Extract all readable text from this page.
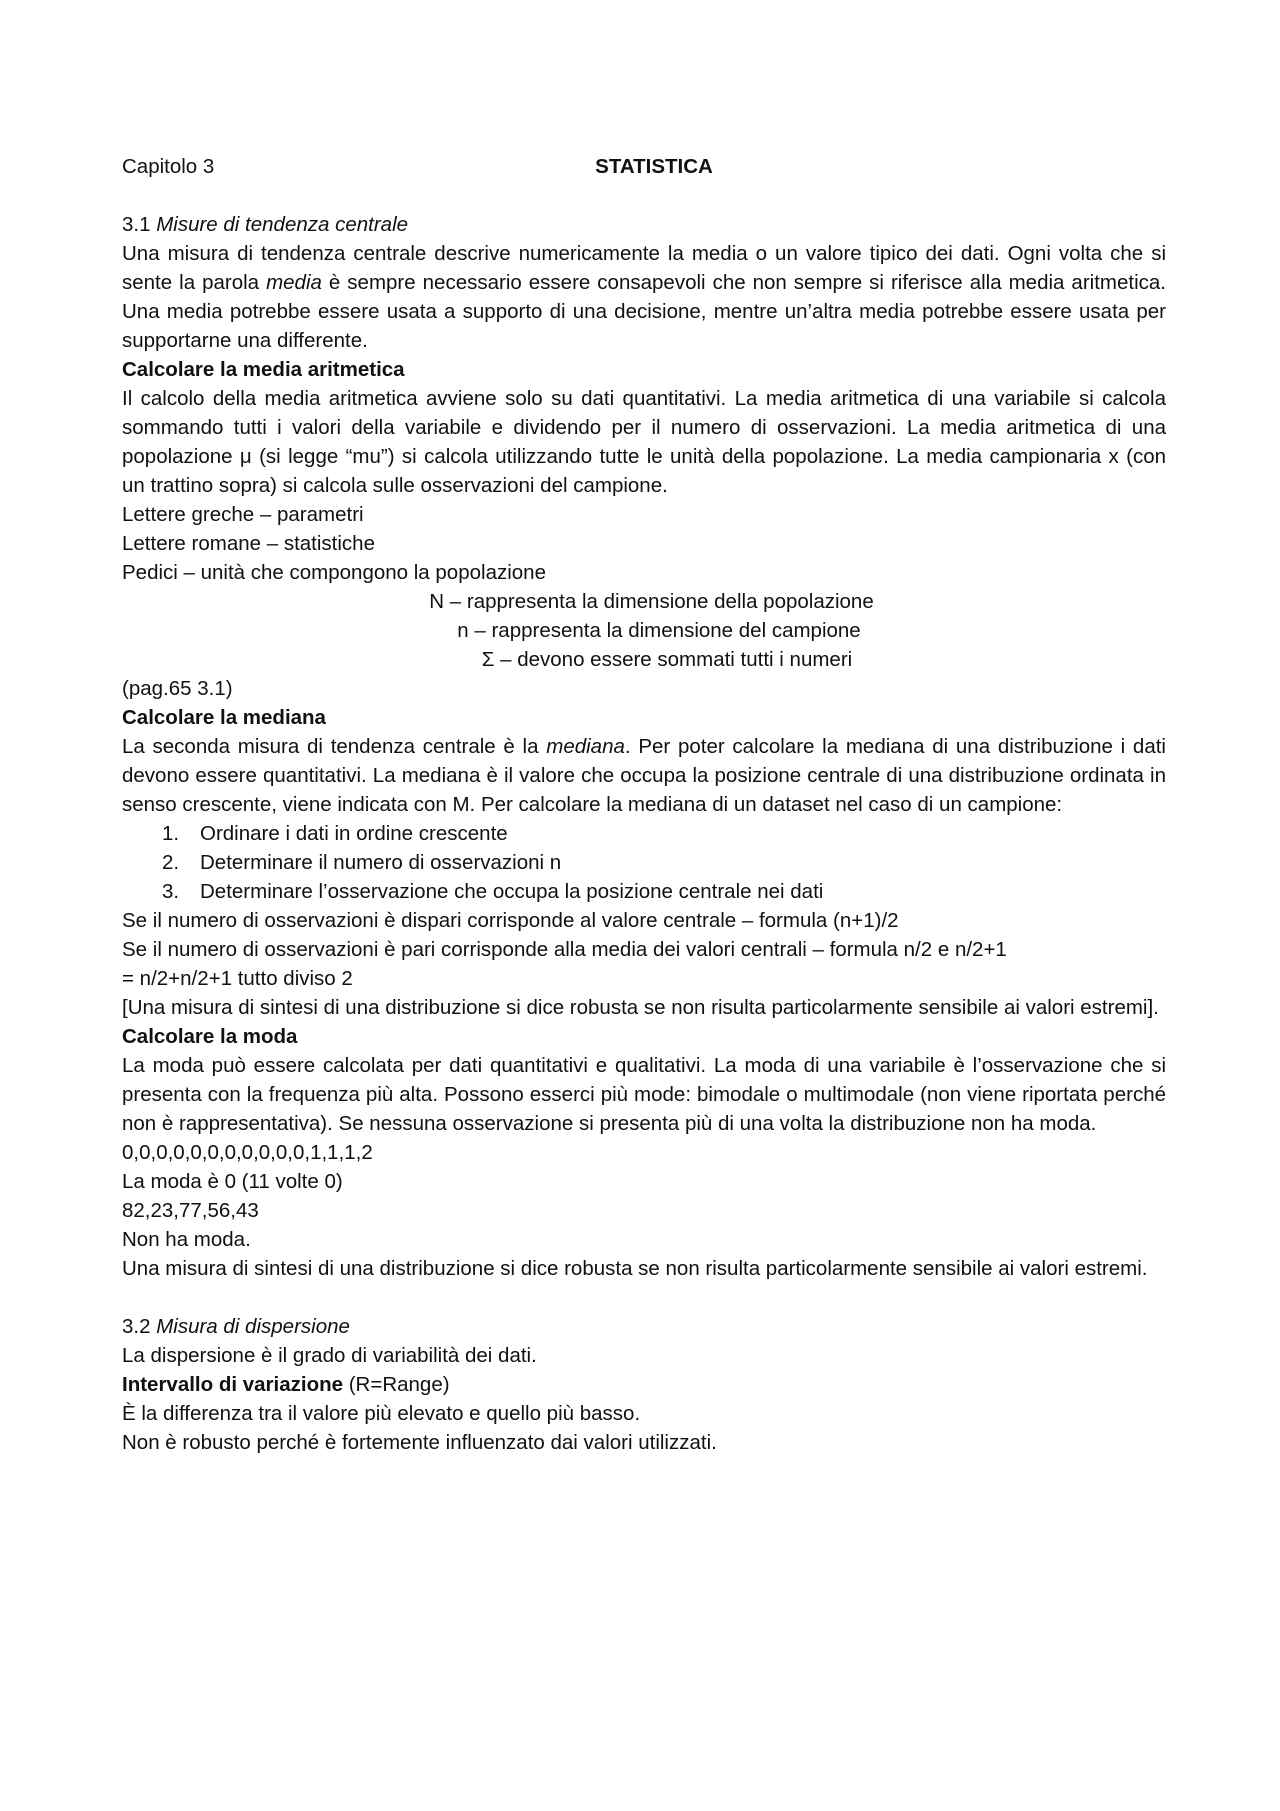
STATISTICA

Capitolo 3

3.1 Misure di tendenza centrale

Una misura di tendenza centrale descrive numericamente la media o un valore tipico dei dati. Ogni volta che si sente la parola media è sempre necessario essere consapevoli che non sempre si riferisce alla media aritmetica. Una media potrebbe essere usata a supporto di una decisione, mentre un’altra media potrebbe essere usata per supportarne una differente.

Calcolare la media aritmetica

Il calcolo della media aritmetica avviene solo su dati quantitativi. La media aritmetica di una variabile si calcola sommando tutti i valori della variabile e dividendo per il numero di osservazioni. La media aritmetica di una popolazione μ (si legge “mu”) si calcola utilizzando tutte le unità della popolazione. La media campionaria x (con un trattino sopra) si calcola sulle osservazioni del campione.

Lettere greche – parametri

Lettere romane – statistiche

Pedici – unità che compongono la popolazione

N – rappresenta la dimensione della popolazione

n – rappresenta la dimensione del campione

Σ – devono essere sommati tutti i numeri

(pag.65 3.1)

Calcolare la mediana

La seconda misura di tendenza centrale è la mediana. Per poter calcolare la mediana di una distribuzione i dati devono essere quantitativi. La mediana è il valore che occupa la posizione centrale di una distribuzione ordinata in senso crescente, viene indicata con M. Per calcolare la mediana di un dataset nel caso di un campione:

1. Ordinare i dati in ordine crescente
2. Determinare il numero di osservazioni n
3. Determinare l’osservazione che occupa la posizione centrale nei dati

Se il numero di osservazioni è dispari corrisponde al valore centrale – formula (n+1)/2

Se il numero di osservazioni è pari corrisponde alla media dei valori centrali – formula n/2 e n/2+1

= n/2+n/2+1 tutto diviso 2

[Una misura di sintesi di una distribuzione si dice robusta se non risulta particolarmente sensibile ai valori estremi].

Calcolare la moda

La moda può essere calcolata per dati quantitativi e qualitativi. La moda di una variabile è l’osservazione che si presenta con la frequenza più alta. Possono esserci più mode: bimodale o multimodale (non viene riportata perché non è rappresentativa). Se nessuna osservazione si presenta più di una volta la distribuzione non ha moda.

0,0,0,0,0,0,0,0,0,0,0,1,1,1,2

La moda è 0 (11 volte 0)

82,23,77,56,43

Non ha moda.

Una misura di sintesi di una distribuzione si dice robusta se non risulta particolarmente sensibile ai valori estremi.

3.2 Misura di dispersione

La dispersione è il grado di variabilità dei dati.

Intervallo di variazione (R=Range)

È la differenza tra il valore più elevato e quello più basso.

Non è robusto perché è fortemente influenzato dai valori utilizzati.
